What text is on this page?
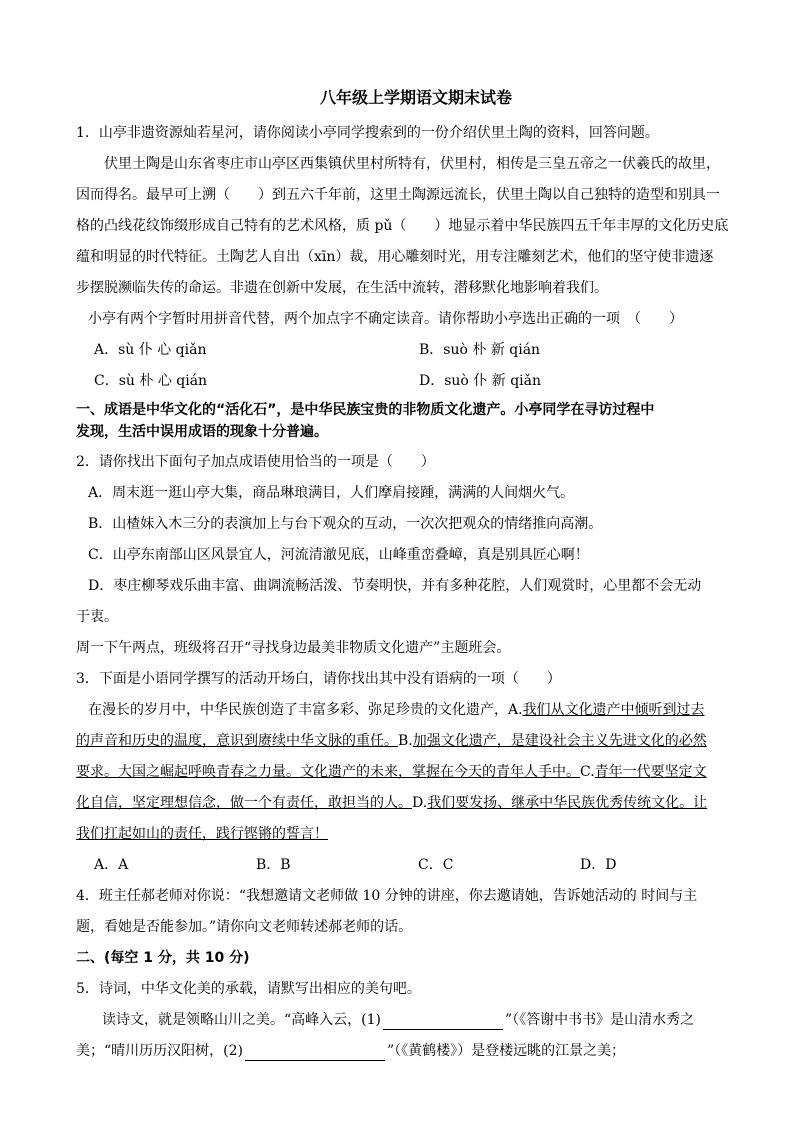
八年级上学期语文期末试卷
1．山亭非遗资源灿若星河，请你阅读小亭同学搜索到的一份介绍伏里土陶的资料，回答问题。
伏里土陶是山东省枣庄市山亭区西集镇伏里村所特有，伏里村，相传是三皇五帝之一伏羲氏的故里，
因而得名。最早可上溯（　　）到五六千年前，这里土陶源远流长，伏里土陶以自己独特的造型和别具一
格的凸线花纹饰缀形成自己特有的艺术风格，质 pǔ（　　）地显示着中华民族四五千年丰厚的文化历史底
蕴和明显的时代特征。土陶艺人自出（xīn）裁，用心雕刻时光，用专注雕刻艺术，他们的坚守使非遗逐
步摆脱濒临失传的命运。非遗在创新中发展，在生活中流转，潜移默化地影响着我们。
小亭有两个字暂时用拼音代替，两个加点字不确定读音。请你帮助小亭选出正确的一项　（　　）
A．sù 仆 心 qiǎn	B．suò 朴 新 qián
C．sù 朴 心 qián	D．suò 仆 新 qiǎn
一、成语是中华文化的“活化石”，是中华民族宝贵的非物质文化遗产。小亭同学在寻访过程中
发现，生活中误用成语的现象十分普遍。
2．请你找出下面句子加点成语使用恰当的一项是（　　）
A．周末逛一逛山亭大集，商品琳琅满目，人们摩肩接踵，满满的人间烟火气。
B．山楂妹入木三分的表演加上与台下观众的互动，一次次把观众的情绪推向高潮。
C．山亭东南部山区风景宜人，河流清澈见底，山峰重峦叠嶂，真是别具匠心啊！
D．枣庄柳琴戏乐曲丰富、曲调流畅活泼、节奏明快，并有多种花腔，人们观赏时，心里都不会无动
于衷。
周一下午两点，班级将召开“寻找身边最美非物质文化遗产”主题班会。
3．下面是小语同学撰写的活动开场白，请你找出其中没有语病的一项（　　）
在漫长的岁月中，中华民族创造了丰富多彩、弥足珍贵的文化遗产，A.我们从文化遗产中倾听到过去
的声音和历史的温度，意识到赓续中华文脉的重任。B.加强文化遗产，是建设社会主义先进文化的必然
要求。大国之崛起呼唤青春之力量。文化遗产的未来，掌握在今天的青年人手中。C.青年一代要坚定文
化自信，坚定理想信念，做一个有责任，敢担当的人。D.我们要发扬、继承中华民族优秀传统文化。让
我们扛起如山的责任，践行铿锵的誓言！
A．A	B．B	C．C	D．D
4．班主任郝老师对你说：“我想邀请文老师做 10 分钟的讲座，你去邀请她，告诉她活动的 时间与主
题，看她是否能参加。”请你向文老师转述郝老师的话。
二、(每空 1 分，共 10 分)
5．诗词，中华文化美的承载，请默写出相应的美句吧。
读诗文，就是领略山川之美。“高峰入云，(1)	”（《答谢中书书》是山清水秀之
美；“晴川历历汉阳树，(2)	”（《黄鹤楼》）是登楼远眺的江景之美；
